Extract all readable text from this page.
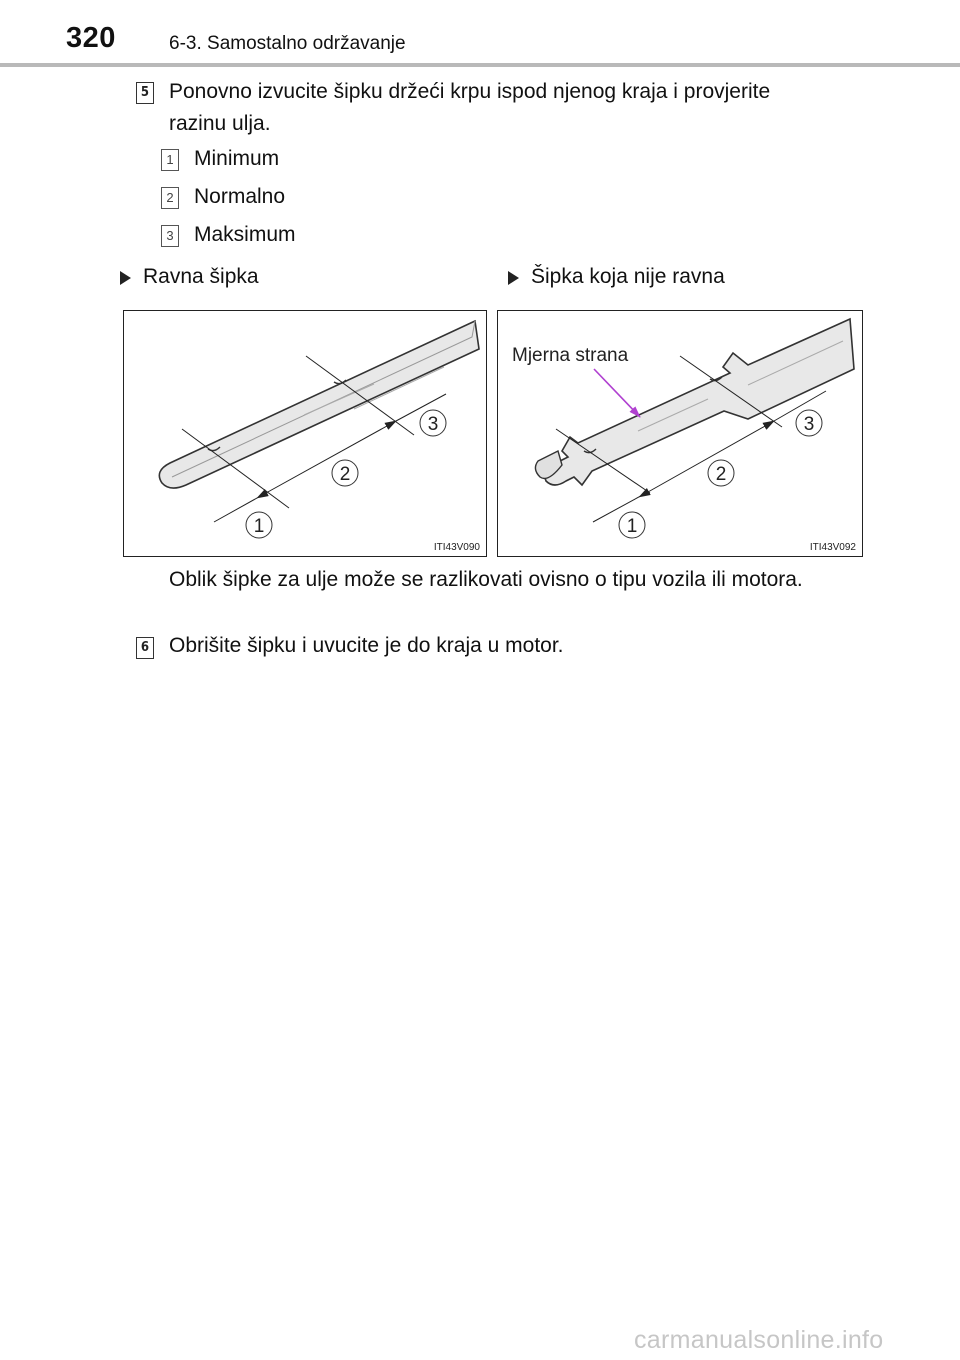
320	6-3. Samostalno održavanje
5 Ponovno izvucite šipku držeći krpu ispod njenog kraja i provjerite
razinu ulja.
1 Minimum
2 Normalno
3 Maksimum
Ravna šipka	Šipka koja nije ravna
1
2
3
ITI43V090
Mjerna strana
1
2
3
ITI43V092
Oblik šipke za ulje može se razlikovati ovisno o tipu vozila ili motora.
6 Obrišite šipku i uvucite je do kraja u motor.
carmanualsonline.info
